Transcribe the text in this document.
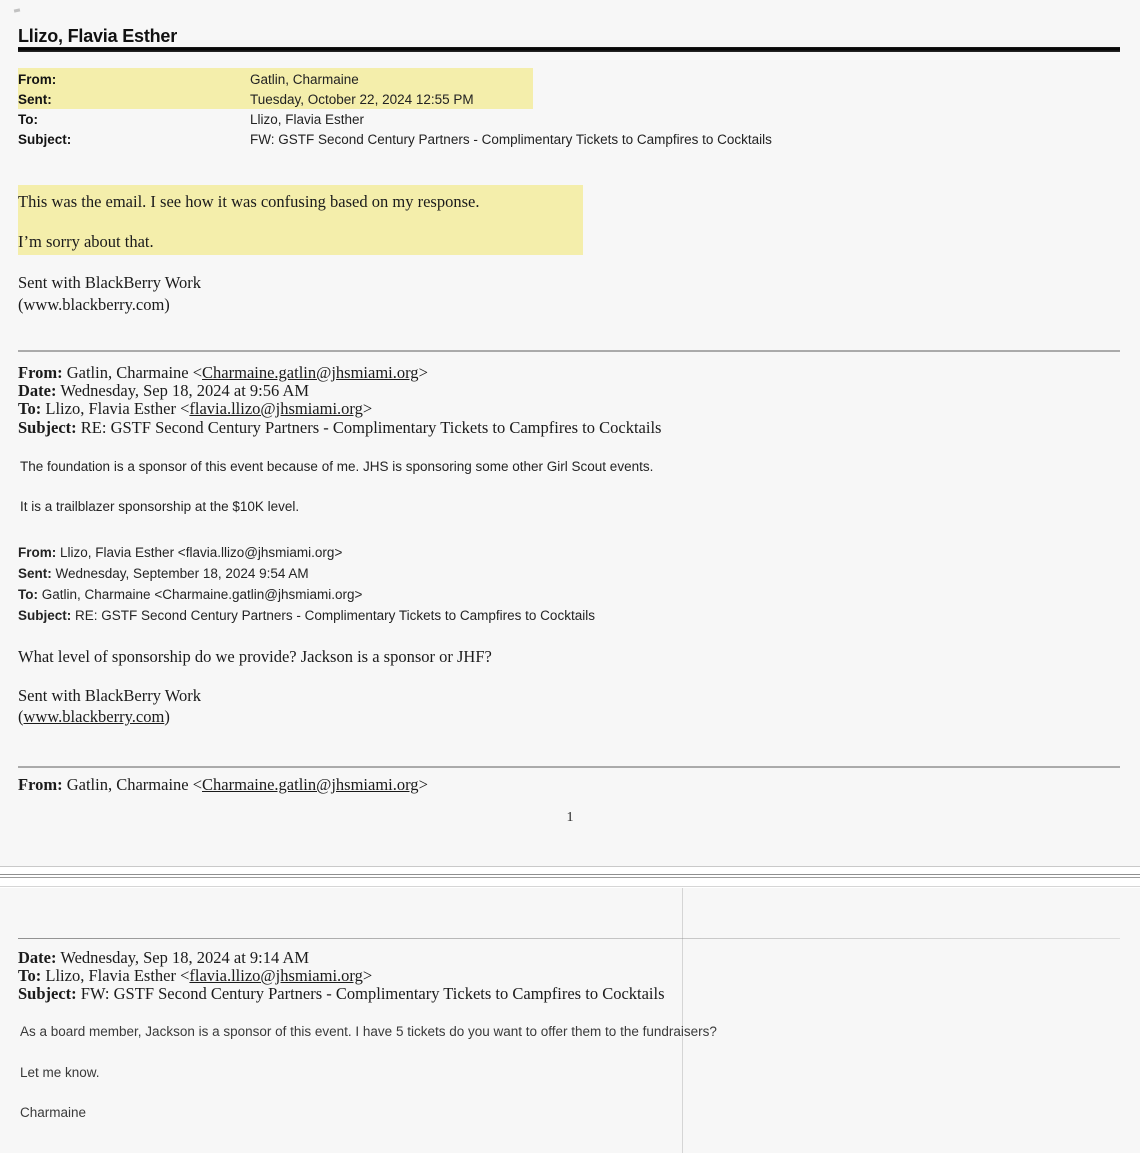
Llizo, Flavia Esther
From:	Gatlin, Charmaine
Sent:	Tuesday, October 22, 2024 12:55 PM
To:	Llizo, Flavia Esther
Subject:	FW: GSTF Second Century Partners - Complimentary Tickets to Campfires to Cocktails
This was the email. I see how it was confusing based on my response.
I’m sorry about that.
Sent with BlackBerry Work
(www.blackberry.com)
From: Gatlin, Charmaine <Charmaine.gatlin@jhsmiami.org>
Date: Wednesday, Sep 18, 2024 at 9:56 AM
To: Llizo, Flavia Esther <flavia.llizo@jhsmiami.org>
Subject: RE: GSTF Second Century Partners - Complimentary Tickets to Campfires to Cocktails
The foundation is a sponsor of this event because of me. JHS is sponsoring some other Girl Scout events.
It is a trailblazer sponsorship at the $10K level.
From: Llizo, Flavia Esther <flavia.llizo@jhsmiami.org>
Sent: Wednesday, September 18, 2024 9:54 AM
To: Gatlin, Charmaine <Charmaine.gatlin@jhsmiami.org>
Subject: RE: GSTF Second Century Partners - Complimentary Tickets to Campfires to Cocktails
What level of sponsorship do we provide? Jackson is a sponsor or JHF?
Sent with BlackBerry Work
(www.blackberry.com)
From: Gatlin, Charmaine <Charmaine.gatlin@jhsmiami.org>
1
Date: Wednesday, Sep 18, 2024 at 9:14 AM
To: Llizo, Flavia Esther <flavia.llizo@jhsmiami.org>
Subject: FW: GSTF Second Century Partners - Complimentary Tickets to Campfires to Cocktails
As a board member, Jackson is a sponsor of this event. I have 5 tickets do you want to offer them to the fundraisers?
Let me know.
Charmaine
